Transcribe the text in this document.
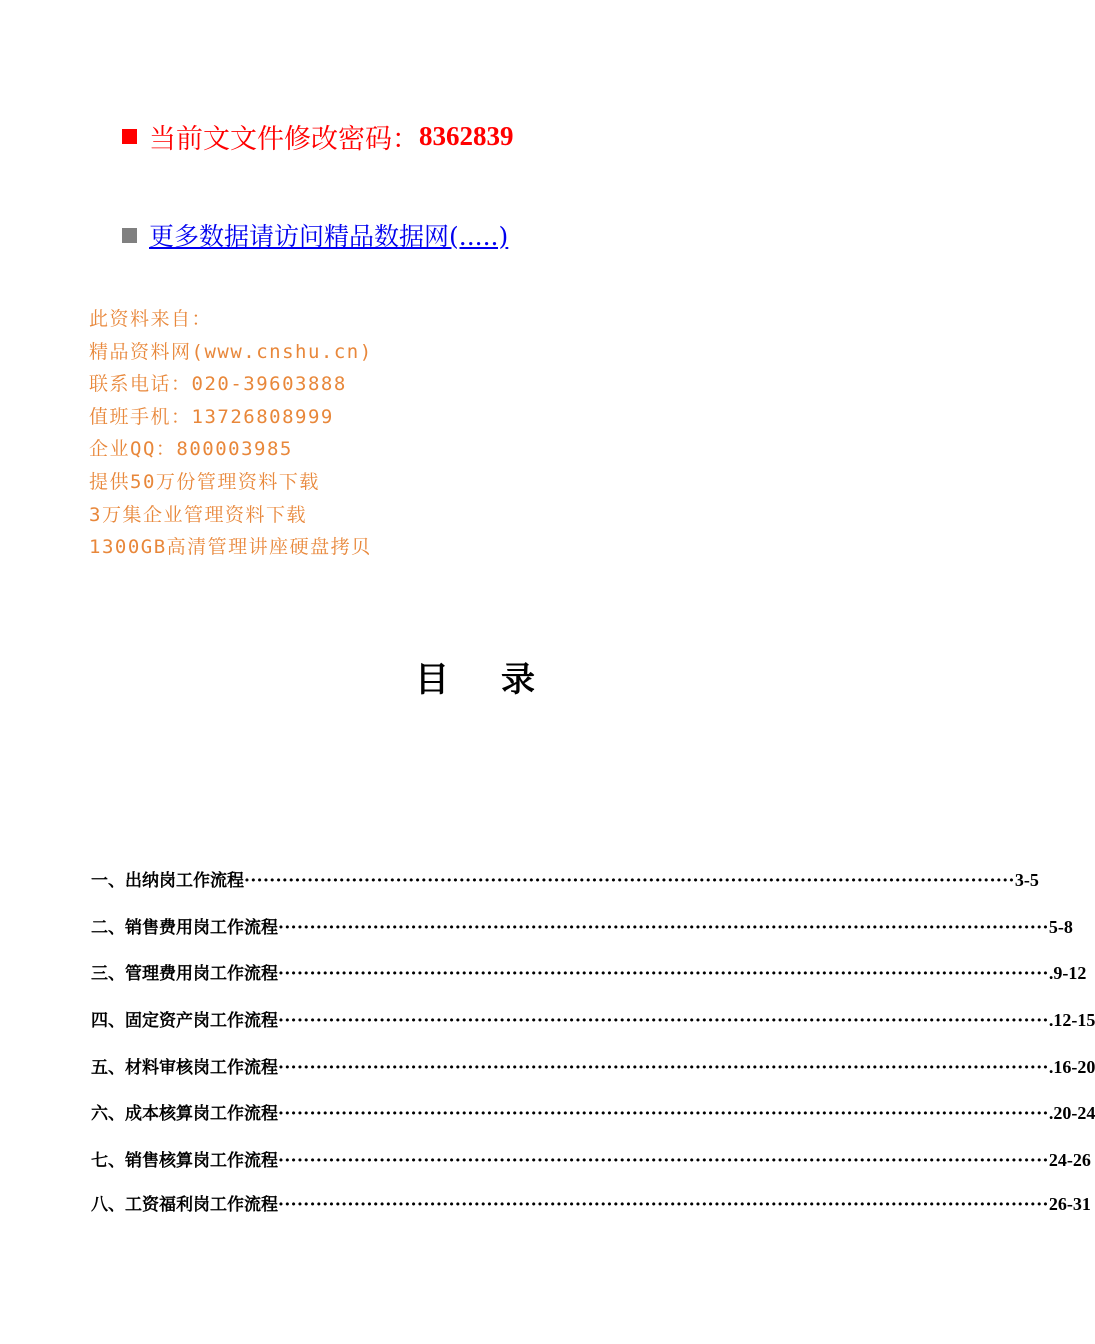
当前文文件修改密码： 8362839
更多数据请访问精品数据网(.....)
此资料来自：
精品资料网(www.cnshu.cn)
联系电话：020-39603888
值班手机：13726808999
企业QQ：800003985
提供50万份管理资料下载
3万集企业管理资料下载
1300GB高清管理讲座硬盘拷贝
目 录
一、出纳岗工作流程 ·························································································································· 3-5
二、销售费用岗工作流程 ·························································································································· 5-8
三、管理费用岗工作流程 ·························································································································· .9-12
四、固定资产岗工作流程 ·························································································································· .12-15
五、材料审核岗工作流程 ·························································································································· .16-20
六、成本核算岗工作流程 ·························································································································· .20-24
七、销售核算岗工作流程 ·························································································································· 24-26
八、工资福利岗工作流程 ·························································································································· 26-31
